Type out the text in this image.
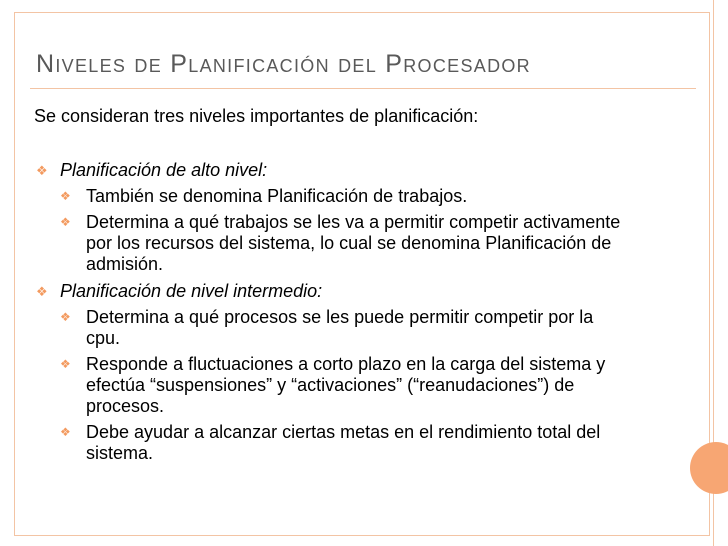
Niveles de Planificación del Procesador
Se consideran tres niveles importantes de planificación:
❖ Planificación de alto nivel:
❖ También se denomina Planificación de trabajos.
❖ Determina a qué trabajos se les va a permitir competir activamente por los recursos del sistema, lo cual se denomina Planificación de admisión.
❖ Planificación de nivel intermedio:
❖ Determina a qué procesos se les puede permitir competir por la cpu.
❖ Responde a fluctuaciones a corto plazo en la carga del sistema y efectúa “suspensiones” y “activaciones” (“reanudaciones”) de procesos.
❖ Debe ayudar a alcanzar ciertas metas en el rendimiento total del sistema.
